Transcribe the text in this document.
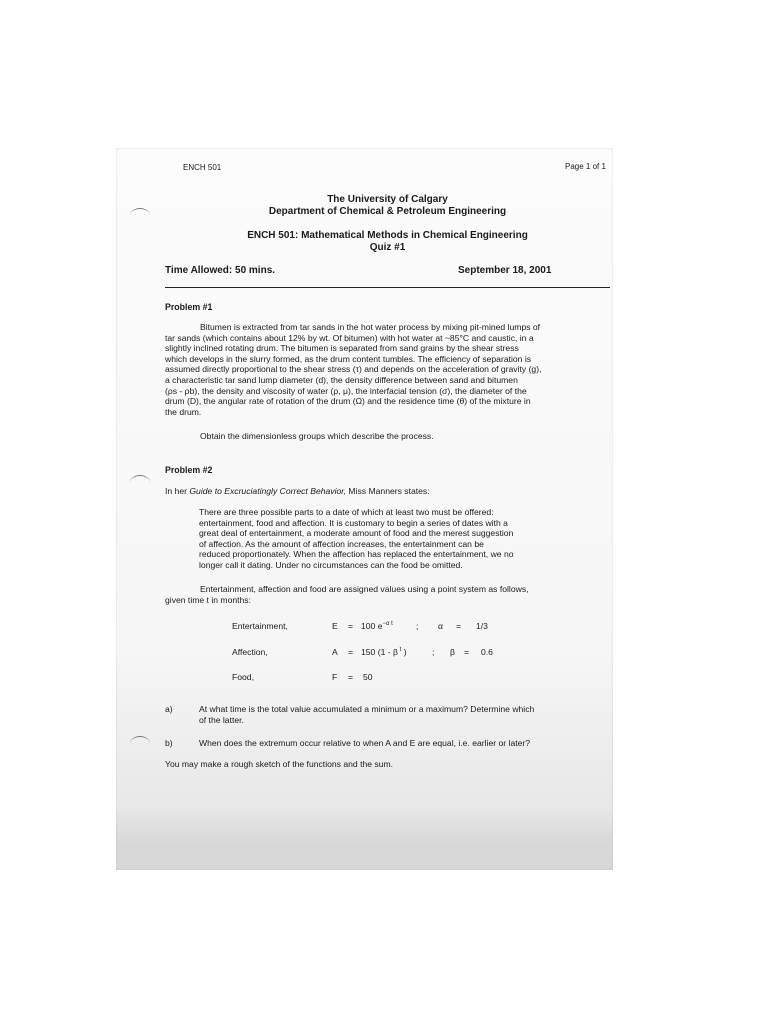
ENCH 501	Page 1 of 1

The University of Calgary

Department of Chemical & Petroleum Engineering

ENCH 501: Mathematical Methods in Chemical Engineering

Quiz #1

Time Allowed: 50 mins.	September 18, 2001

Problem #1

Bitumen is extracted from tar sands in the hot water process by mixing pit-mined lumps of
tar sands (which contains about 12% by wt. Of bitumen) with hot water at ~85°C and caustic, in a
slightly inclined rotating drum. The bitumen is separated from sand grains by the shear stress
which develops in the slurry formed, as the drum content tumbles. The efficiency of separation is
assumed directly proportional to the shear stress (τ) and depends on the acceleration of gravity (g),
a characteristic tar sand lump diameter (d), the density difference between sand and bitumen
(ρs - ρb), the density and viscosity of water (ρ, μ), the interfacial tension (σ), the diameter of the
drum (D), the angular rate of rotation of the drum (Ω) and the residence time (θ) of the mixture in
the drum.

Obtain the dimensionless groups which describe the process.

Problem #2

In her Guide to Excruciatingly Correct Behavior, Miss Manners states:

There are three possible parts to a date of which at least two must be offered:
entertainment, food and affection. It is customary to begin a series of dates with a
great deal of entertainment, a moderate amount of food and the merest suggestion
of affection. As the amount of affection increases, the entertainment can be
reduced proportionately. When the affection has replaced the entertainment, we no
longer call it dating. Under no circumstances can the food be omitted.

Entertainment, affection and food are assigned values using a point system as follows,

given time t in months:

Entertainment,	E = 100 $e^{-\alpha t}$	; α = 1/3
Affection,	A = 150 (1 - β $^t$ )	; β = 0.6
Food,	F = 50

a)	At what time is the total value accumulated a minimum or a maximum? Determine which
of the latter.

b)	When does the extremum occur relative to when A and E are equal, i.e. earlier or later?

You may make a rough sketch of the functions and the sum.
